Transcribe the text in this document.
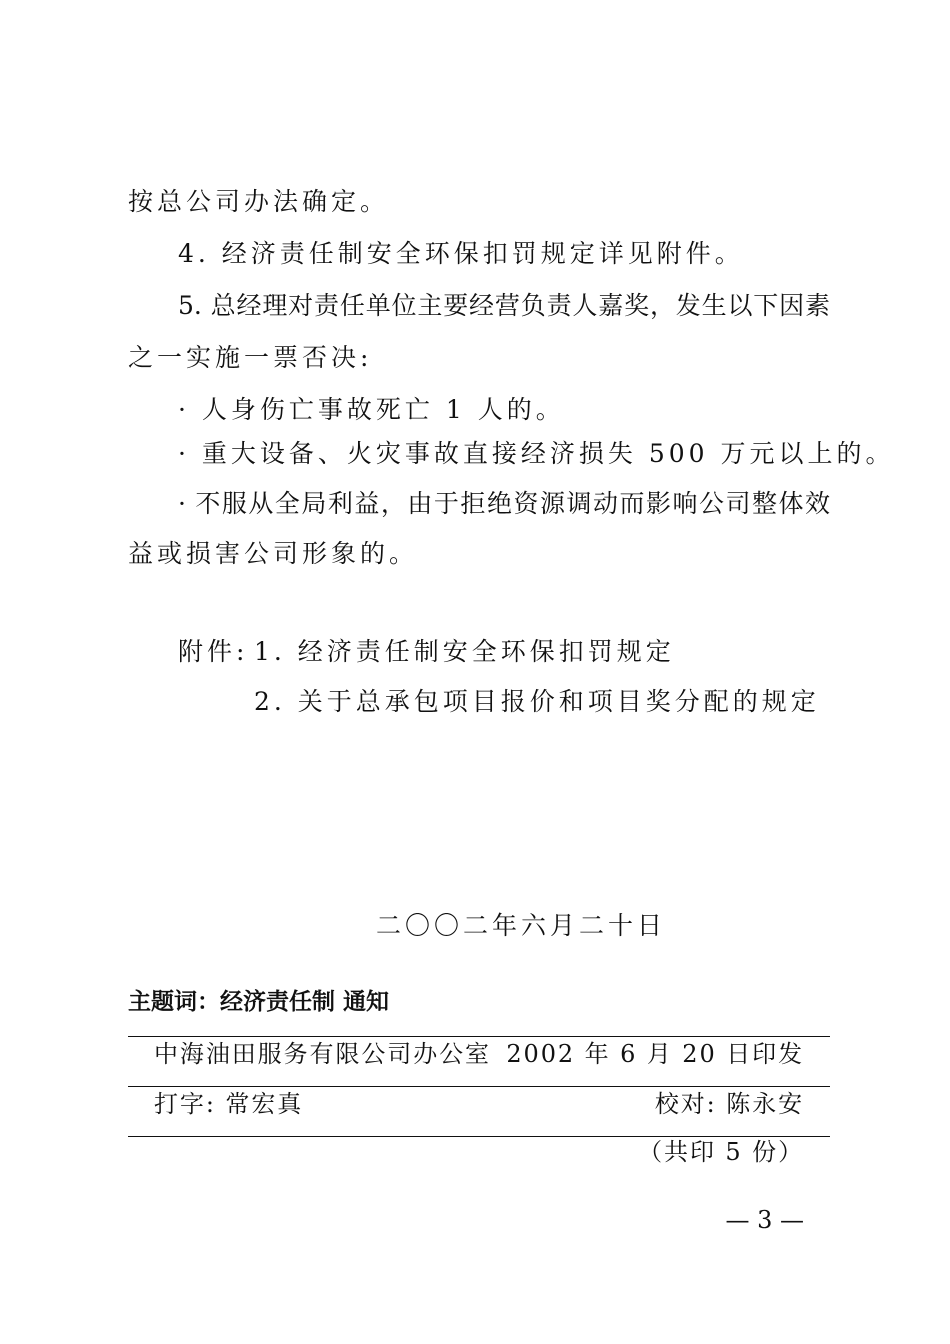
按总公司办法确定。
4. 经济责任制安全环保扣罚规定详见附件。
5. 总经理对责任单位主要经营负责人嘉奖，发生以下因素
之一实施一票否决:
· 人身伤亡事故死亡 1 人的。
· 重大设备、火灾事故直接经济损失 500 万元以上的。
· 不服从全局利益，由于拒绝资源调动而影响公司整体效
益或损害公司形象的。
附件: 1. 经济责任制安全环保扣罚规定
2. 关于总承包项目报价和项目奖分配的规定
二〇〇二年六月二十日
主题词：经济责任制 通知
中海油田服务有限公司办公室 2002 年 6 月 20 日印发
打字: 常宏真	校对: 陈永安
（共印 5 份）
— 3 —
